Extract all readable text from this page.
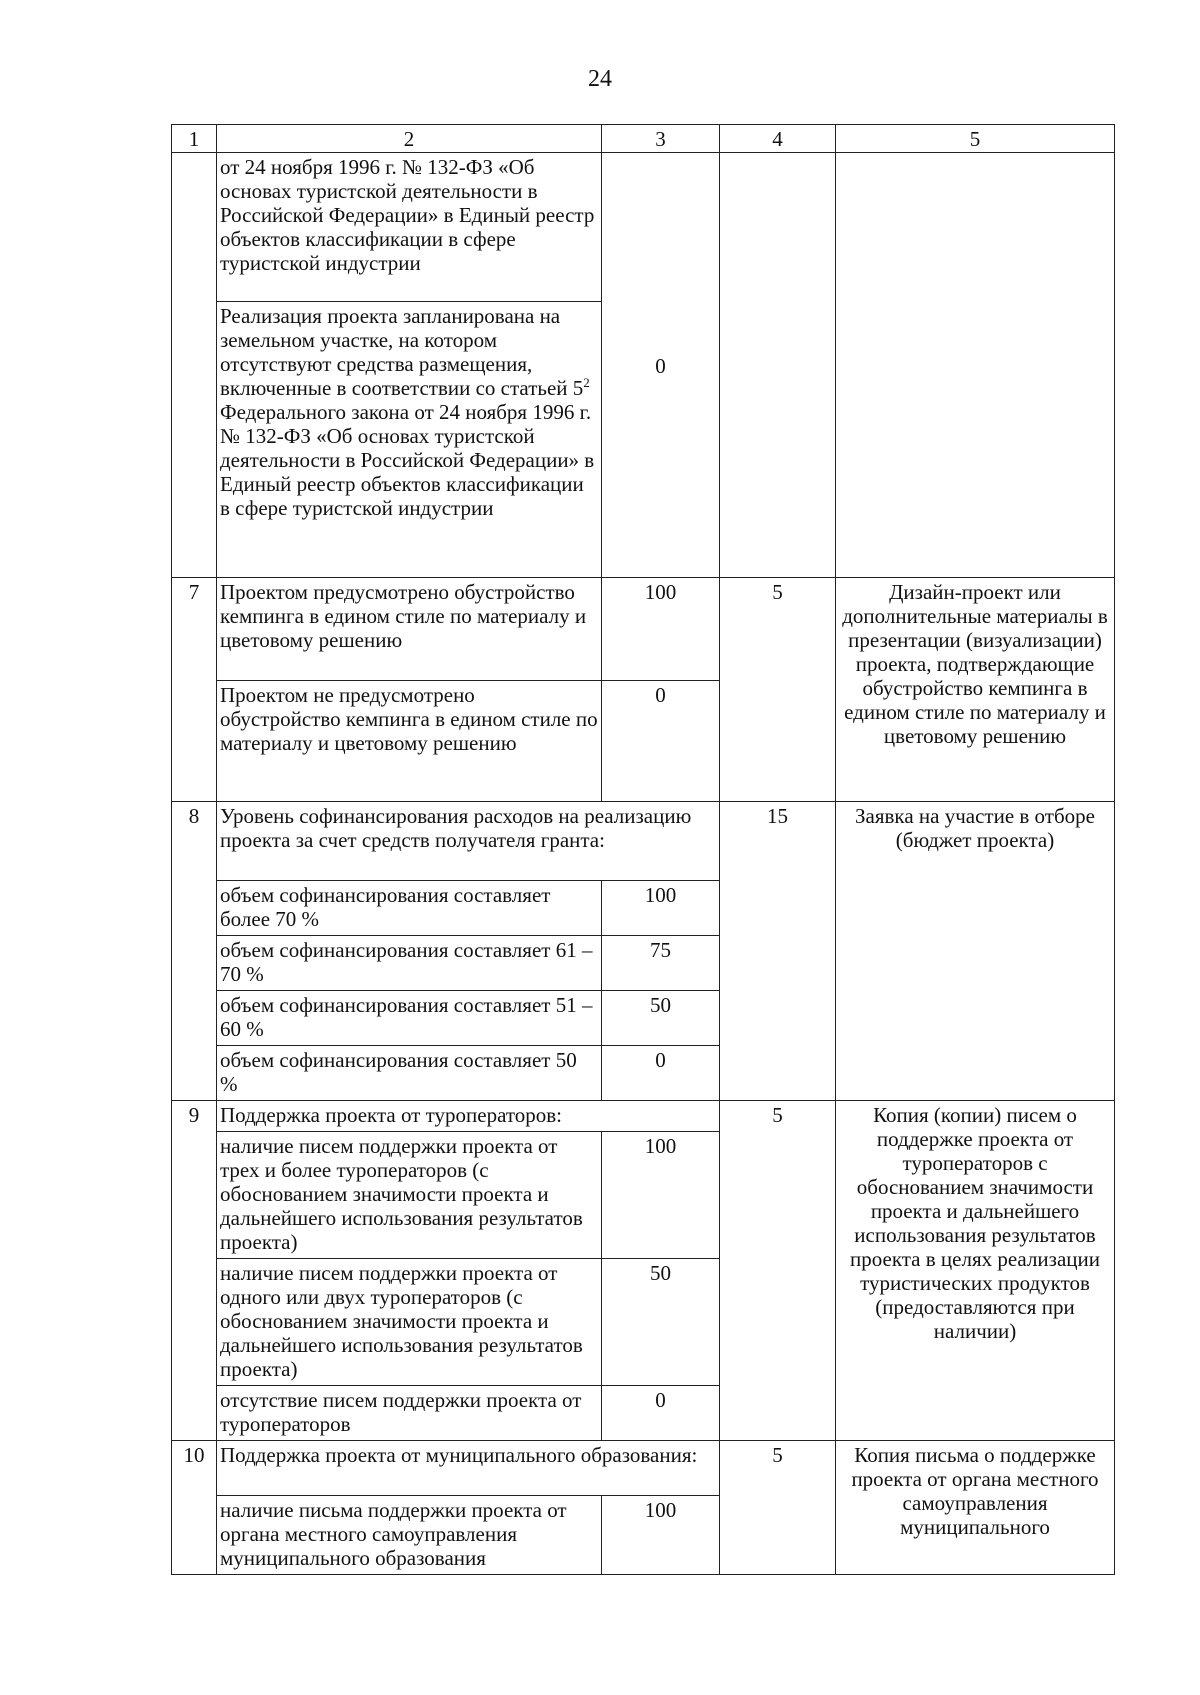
24
1	2	3	4	5
	от 24 ноября 1996 г. № 132-ФЗ «Об основах туристской деятельности в Российской Федерации» в Единый реестр объектов классификации в сфере туристской индустрии	0		
	Реализация проекта запланирована на земельном участке, на котором отсутствуют средства размещения, включенные в соответствии со статьей $5^2$ Федерального закона от 24 ноября 1996 г. № 132-ФЗ «Об основах туристской деятельности в Российской Федерации» в Единый реестр объектов классификации в сфере туристской индустрии			
7	Проектом предусмотрено обустройство кемпинга в едином стиле по материалу и цветовому решению	100	5	Дизайн-проект или дополнительные материалы в презентации (визуализации) проекта, подтверждающие обустройство кемпинга в едином стиле по материалу и цветовому решению
	Проектом не предусмотрено обустройство кемпинга в едином стиле по материалу и цветовому решению	0		
8	Уровень софинансирования расходов на реализацию проекта за счет средств получателя гранта:		15	Заявка на участие в отборе (бюджет проекта)
	объем софинансирования составляет более 70 %	100		
	объем софинансирования составляет 61 – 70 %	75		
	объем софинансирования составляет 51 – 60 %	50		
	объем софинансирования составляет 50 %	0		
9	Поддержка проекта от туроператоров:		5	Копия (копии) писем о поддержке проекта от туроператоров с обоснованием значимости проекта и дальнейшего использования результатов проекта в целях реализации туристических продуктов (предоставляются при наличии)
	наличие писем поддержки проекта от трех и более туроператоров (с обоснованием значимости проекта и дальнейшего использования результатов проекта)	100		
	наличие писем поддержки проекта от одного или двух туроператоров (с обоснованием значимости проекта и дальнейшего использования результатов проекта)	50		
	отсутствие писем поддержки проекта от туроператоров	0		
10	Поддержка проекта от муниципального образования:		5	Копия письма о поддержке проекта от органа местного самоуправления муниципального
	наличие письма поддержки проекта от органа местного самоуправления муниципального образования	100		
